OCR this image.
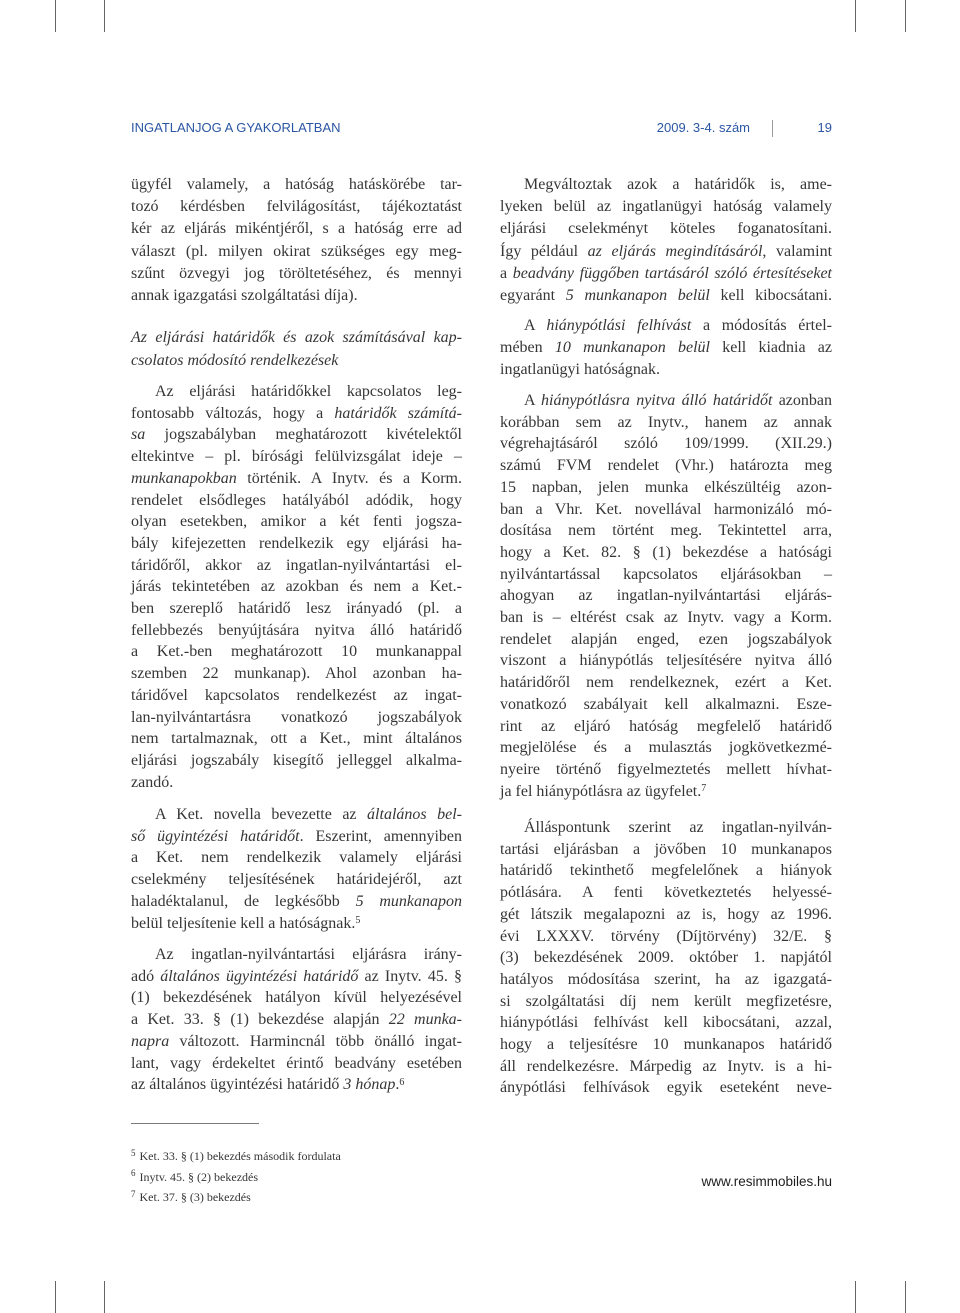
INGATLANJOG A GYAKORLATBAN	2009. 3-4. szám	19
ügyfél valamely, a hatóság hatáskörébe tar-
tozó kérdésben felvilágosítást, tájékoztatást
kér az eljárás mikéntjéről, s a hatóság erre ad
választ (pl. milyen okirat szükséges egy meg-
szűnt özvegyi jog töröltetéséhez, és mennyi
annak igazgatási szolgáltatási díja).
Az eljárási határidők és azok számításával kap-
csolatos módosító rendelkezések
Az eljárási határidőkkel kapcsolatos leg-
fontosabb változás, hogy a határidők számítá-
sa jogszabályban meghatározott kivételektől
eltekintve – pl. bírósági felülvizsgálat ideje –
munkanapokban történik. A Inytv. és a Korm.
rendelet elsődleges hatályából adódik, hogy
olyan esetekben, amikor a két fenti jogsza-
bály kifejezetten rendelkezik egy eljárási ha-
táridőről, akkor az ingatlan-nyilvántartási el-
járás tekintetében az azokban és nem a Ket.-
ben szereplő határidő lesz irányadó (pl. a
fellebbezés benyújtására nyitva álló határidő
a Ket.-ben meghatározott 10 munkanappal
szemben 22 munkanap). Ahol azonban ha-
táridővel kapcsolatos rendelkezést az ingat-
lan-nyilvántartásra vonatkozó jogszabályok
nem tartalmaznak, ott a Ket., mint általános
eljárási jogszabály kisegítő jelleggel alkalma-
zandó.
A Ket. novella bevezette az általános bel-
ső ügyintézési határidőt. Eszerint, amennyiben
a Ket. nem rendelkezik valamely eljárási
cselekmény teljesítésének határidejéről, azt
haladéktalanul, de legkésőbb 5 munkanapon
belül teljesítenie kell a hatóságnak.$^5$
Az ingatlan-nyilvántartási eljárásra irány-
adó általános ügyintézési határidő az Inytv. 45. §
(1) bekezdésének hatályon kívül helyezésével
a Ket. 33. § (1) bekezdése alapján 22 munka-
napra változott. Harmincnál több önálló ingat-
lant, vagy érdekeltet érintő beadvány esetében
az általános ügyintézési határidő 3 hónap.$^6$
Megváltoztak azok a határidők is, ame-
lyeken belül az ingatlanügyi hatóság valamely
eljárási cselekményt köteles foganatosítani.
Így például az eljárás megindításáról, valamint
a beadvány függőben tartásáról szóló értesítéseket
egyaránt 5 munkanapon belül kell kibocsátani.
A hiánypótlási felhívást a módosítás értel-
mében 10 munkanapon belül kell kiadnia az
ingatlanügyi hatóságnak.
A hiánypótlásra nyitva álló határidőt azonban
korábban sem az Inytv., hanem az annak
végrehajtásáról szóló 109/1999. (XII.29.)
számú FVM rendelet (Vhr.) határozta meg
15 napban, jelen munka elkészültéig azon-
ban a Vhr. Ket. novellával harmonizáló mó-
dosítása nem történt meg. Tekintettel arra,
hogy a Ket. 82. § (1) bekezdése a hatósági
nyilvántartással kapcsolatos eljárásokban –
ahogyan az ingatlan-nyilvántartási eljárás-
ban is – eltérést csak az Inytv. vagy a Korm.
rendelet alapján enged, ezen jogszabályok
viszont a hiánypótlás teljesítésére nyitva álló
határidőről nem rendelkeznek, ezért a Ket.
vonatkozó szabályait kell alkalmazni. Esze-
rint az eljáró hatóság megfelelő határidő
megjelölése és a mulasztás jogkövetkezmé-
nyeire történő figyelmeztetés mellett hívhat-
ja fel hiánypótlásra az ügyfelet.$^7$
Álláspontunk szerint az ingatlan-nyilván-
tartási eljárásban a jövőben 10 munkanapos
határidő tekinthető megfelelőnek a hiányok
pótlására. A fenti következtetés helyessé-
gét látszik megalapozni az is, hogy az 1996.
évi LXXXV. törvény (Díjtörvény) 32/E. §
(3) bekezdésének 2009. október 1. napjától
hatályos módosítása szerint, ha az igazgatá-
si szolgáltatási díj nem került megfizetésre,
hiánypótlási felhívást kell kibocsátani, azzal,
hogy a teljesítésre 10 munkanapos határidő
áll rendelkezésre. Márpedig az Inytv. is a hi-
ánypótlási felhívások egyik eseteként neve-
$^5$ Ket. 33. § (1) bekezdés második fordulata
$^6$ Inytv. 45. § (2) bekezdés
$^7$ Ket. 37. § (3) bekezdés
www.resimmobiles.hu
